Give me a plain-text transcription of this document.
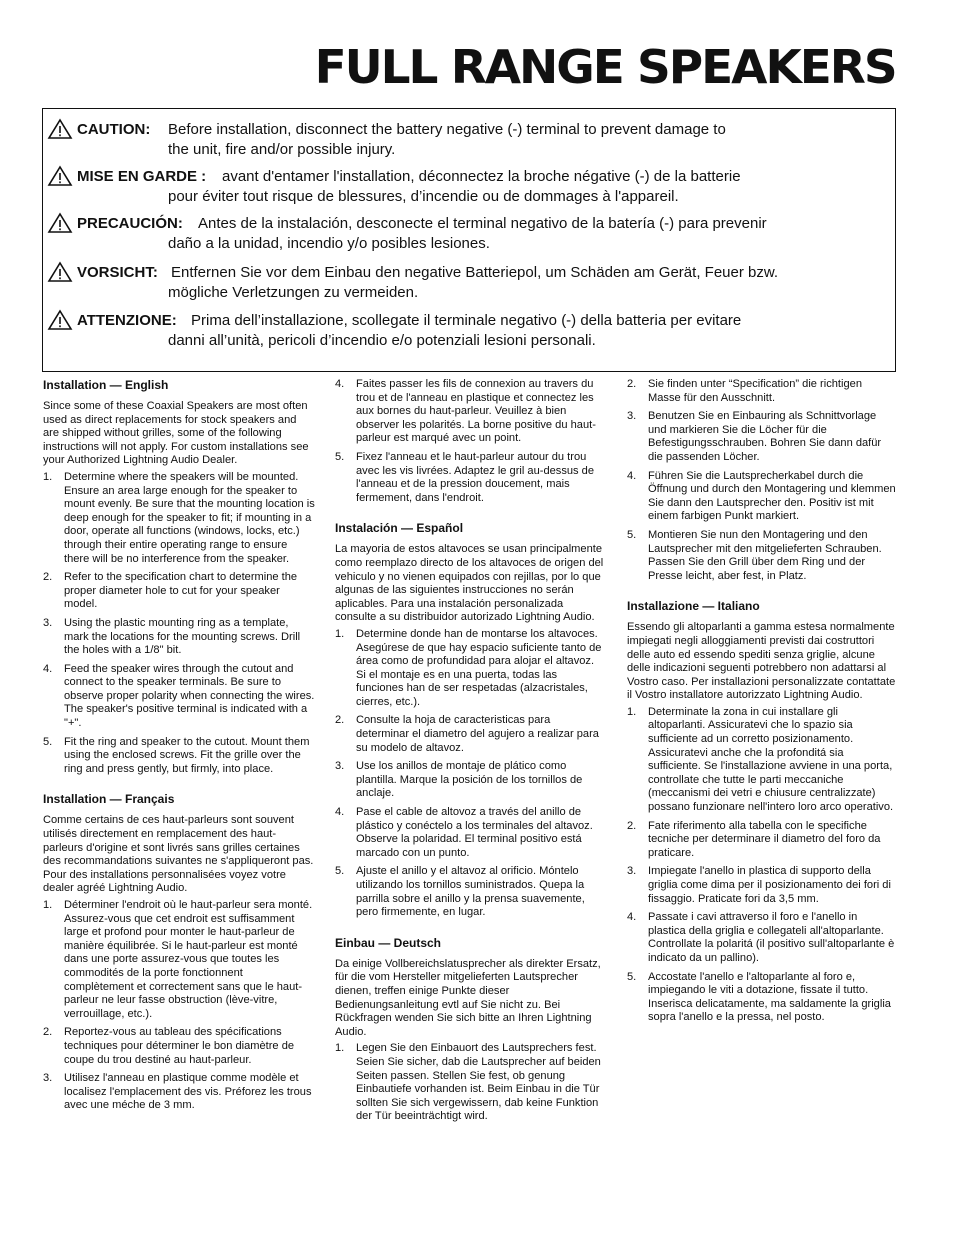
FULL RANGE SPEAKERS
CAUTION: Before installation, disconnect the battery negative (-) terminal to prevent damage to
the unit, fire and/or possible injury.
MISE EN GARDE : avant d'entamer l'installation, déconnectez la broche négative (-) de la batterie
pour éviter tout risque de blessures, d’incendie ou de dommages à l'appareil.
PRECAUCIÓN: Antes de la instalación, desconecte el terminal negativo de la batería (-) para prevenir
daño a la unidad, incendio y/o posibles lesiones.
VORSICHT: Entfernen Sie vor dem Einbau den negative Batteriepol, um Schäden am Gerät, Feuer bzw.
mögliche Verletzungen zu vermeiden.
ATTENZIONE: Prima dell’installazione, scollegate il terminale negativo (-) della batteria per evitare
danni all’unità, pericoli d’incendio e/o potenziali lesioni personali.
Installation — English

Since some of these Coaxial Speakers are most often used as direct replacements for stock speakers and are shipped without grilles, some of the following instructions will not apply. For custom installations see your Authorized Lightning Audio Dealer.

1. Determine where the speakers will be mounted. Ensure an area large enough for the speaker to mount evenly. Be sure that the mounting location is deep enough for the speaker to fit; if mounting in a door, operate all functions (windows, locks, etc.) through their entire operating range to ensure there will be no interference from the speaker.
2. Refer to the specification chart to determine the proper diameter hole to cut for your speaker model.
3. Using the plastic mounting ring as a template, mark the locations for the mounting screws. Drill the holes with a 1/8" bit.
4. Feed the speaker wires through the cutout and connect to the speaker terminals. Be sure to observe proper polarity when connecting the wires. The speaker's positive terminal is indicated with a "+".
5. Fit the ring and speaker to the cutout. Mount them using the enclosed screws. Fit the grille over the ring and press gently, but firmly, into place.
Installation — Français

Comme certains de ces haut-parleurs sont souvent utilisés directement en remplacement des haut-parleurs d'origine et sont livrés sans grilles certaines des recommandations suivantes ne s'appliqueront pas. Pour des installations personnalisées voyez votre dealer agréé Lightning Audio.

1. Déterminer l'endroit où le haut-parleur sera monté. Assurez-vous que cet endroit est suffisamment large et profond pour monter le haut-parleur de manière équilibrée. Si le haut-parleur est monté dans une porte assurez-vous que toutes les commodités de la porte fonctionnent complètement et correctement sans que le haut-parleur ne leur fasse obstruction (lève-vitre, verrouillage, etc.).
2. Reportez-vous au tableau des spécifications techniques pour déterminer le bon diamètre de coupe du trou destiné au haut-parleur.
3. Utilisez l'anneau en plastique comme modèle et localisez l'emplacement des vis. Préforez les trous avec une méche de 3 mm.
4. Faites passer les fils de connexion au travers du trou et de l'anneau en plastique et connectez les aux bornes du haut-parleur. Veuillez à bien observer les polarités. La borne positive du haut-parleur est marqué avec un point.
5. Fixez l'anneau et le haut-parleur autour du trou avec les vis livrées. Adaptez le gril au-dessus de l'anneau et de la pression doucement, mais fermement, dans l'endroit.
Instalación — Español

La mayoria de estos altavoces se usan principalmente como reemplazo directo de los altavoces de origen del vehiculo y no vienen equipados con rejillas, por lo que algunas de las siguientes instrucciones no serán aplicables. Para una instalación personalizada consulte a su distribuidor autorizado Lightning Audio.

1. Determine donde han de montarse los altavoces. Asegúrese de que hay espacio suficiente tanto de área como de profundidad para alojar el altavoz. Si el montaje es en una puerta, todas las funciones han de ser respetadas (alzacristales, cierres, etc.).
2. Consulte la hoja de caracteristicas para determinar el diametro del agujero a realizar para su modelo de altavoz.
3. Use los anillos de montaje de plático como plantilla. Marque la posición de los tornillos de anclaje.
4. Pase el cable de altovoz a través del anillo de plástico y conéctelo a los terminales del altavoz. Observe la polaridad. El terminal positivo está marcado con un punto.
5. Ajuste el anillo y el altavoz al orificio. Móntelo utilizando los tornillos suministrados. Quepa la parrilla sobre el anillo y la prensa suavemente, pero firmemente, en lugar.
Einbau — Deutsch

Da einige Vollbereichslatusprecher als direkter Ersatz, für die vom Hersteller mitgelieferten Lautsprecher dienen, treffen einige Punkte dieser Bedienungsanleitung evtl auf Sie nicht zu. Bei Rückfragen wenden Sie sich bitte an Ihren Lightning Audio.

1. Legen Sie den Einbauort des Lautsprechers fest. Seien Sie sicher, dab die Lautsprecher auf beiden Seiten passen. Stellen Sie fest, ob genung Einbautiefe vorhanden ist. Beim Einbau in die Tür sollten Sie sich vergewissern, dab keine Funktion der Tür beeinträchtigt wird.
2. Sie finden unter “Specification” die richtigen Masse für den Ausschnitt.
3. Benutzen Sie en Einbauring als Schnittvorlage und markieren Sie die Löcher für die Befestigungsschrauben. Bohren Sie dann dafür die passenden Löcher.
4. Führen Sie die Lautsprecherkabel durch die Öffnung und durch den Montagering und klemmen Sie dann den Lautsprecher den. Positiv ist mit einem farbigen Punkt markiert.
5. Montieren Sie nun den Montagering und den Lautsprecher mit den mitgelieferten Schrauben. Passen Sie den Grill über dem Ring und der Presse leicht, aber fest, in Platz.
Installazione — Italiano

Essendo gli altoparlanti a gamma estesa normalmente impiegati negli alloggiamenti previsti dai costruttori delle auto ed essendo spediti senza griglie, alcune delle indicazioni seguenti potrebbero non adattarsi al Vostro caso. Per installazioni personalizzate contattate il Vostro installatore autorizzato Lightning Audio.

1. Determinate la zona in cui installare gli altoparlanti. Assicuratevi che lo spazio sia sufficiente ad un corretto posizionamento. Assicuratevi anche che la profonditá sia sufficiente. Se l'installazione avviene in una porta, controllate che tutte le parti meccaniche (meccanismi dei vetri e chiusure centralizzate) possano funzionare nell'intero loro arco operativo.
2. Fate riferimento alla tabella con le specifiche tecniche per determinare il diametro del foro da praticare.
3. Impiegate l'anello in plastica di supporto della griglia come dima per il posizionamento dei fori di fissaggio. Praticate fori da 3,5 mm.
4. Passate i cavi attraverso il foro e l'anello in plastica della griglia e collegateli all'altoparlante. Controllate la polaritá (il positivo sull'altoparlante è indicato da un pallino).
5. Accostate l'anello e l'altoparlante al foro e, impiegando le viti a dotazione, fissate il tutto. Inserisca delicatamente, ma saldamente la griglia sopra l'anello e la pressa, nel posto.
